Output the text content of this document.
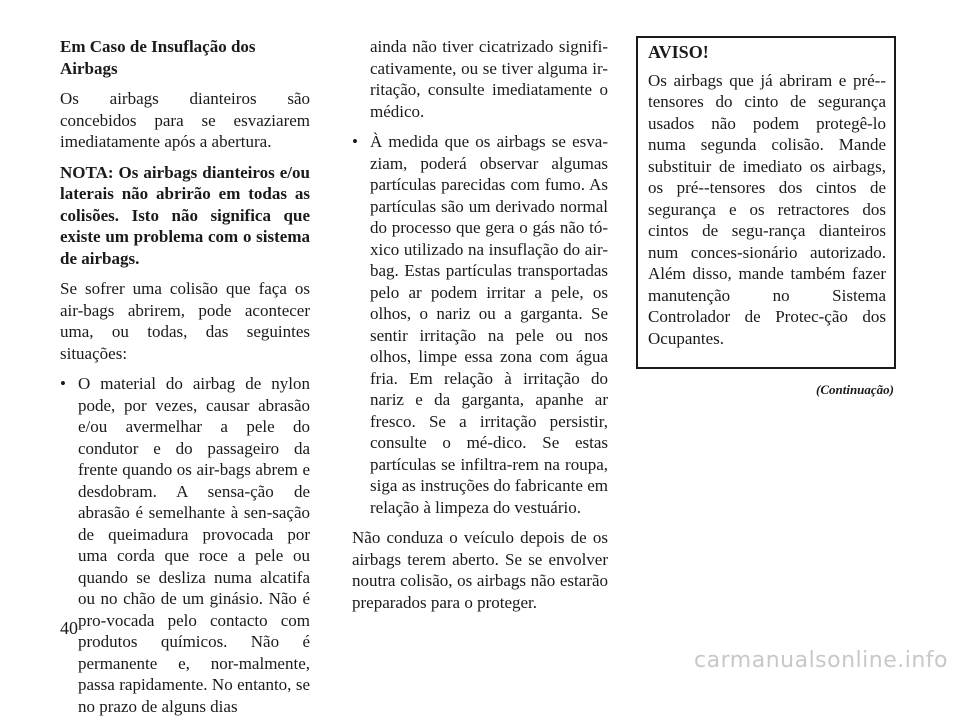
Em Caso de Insuflação dos Airbags

Os airbags dianteiros são concebidos para se esvaziarem imediatamente após a abertura.

NOTA: Os airbags dianteiros e/ou laterais não abrirão em todas as colisões. Isto não significa que existe um problema com o sistema de airbags.

Se sofrer uma colisão que faça os air-bags abrirem, pode acontecer uma, ou todas, das seguintes situações:

• O material do airbag de nylon pode, por vezes, causar abrasão e/ou avermelhar a pele do condutor e do passageiro da frente quando os air-bags abrem e desdobram. A sensa-ção de abrasão é semelhante à sen-sação de queimadura provocada por uma corda que roce a pele ou quando se desliza numa alcatifa ou no chão de um ginásio. Não é pro-vocada pelo contacto com produtos químicos. Não é permanente e, nor-malmente, passa rapidamente. No entanto, se no prazo de alguns dias

ainda não tiver cicatrizado signifi-cativamente, ou se tiver alguma ir-ritação, consulte imediatamente o médico.

• À medida que os airbags se esva-ziam, poderá observar algumas partículas parecidas com fumo. As partículas são um derivado normal do processo que gera o gás não tó-xico utilizado na insuflação do air-bag. Estas partículas transportadas pelo ar podem irritar a pele, os olhos, o nariz ou a garganta. Se sentir irritação na pele ou nos olhos, limpe essa zona com água fria. Em relação à irritação do nariz e da garganta, apanhe ar fresco. Se a irritação persistir, consulte o mé-dico. Se estas partículas se infiltra-rem na roupa, siga as instruções do fabricante em relação à limpeza do vestuário.

Não conduza o veículo depois de os airbags terem aberto. Se se envolver noutra colisão, os airbags não estarão preparados para o proteger.

AVISO!

Os airbags que já abriram e pré--tensores do cinto de segurança usados não podem protegê-lo numa segunda colisão. Mande substituir de imediato os airbags, os pré--tensores dos cintos de segurança e os retractores dos cintos de segu-rança dianteiros num conces-sionário autorizado. Além disso, mande também fazer manutenção no Sistema Controlador de Protec-ção dos Ocupantes.

(Continuação)
40
carmanualsonline.info
